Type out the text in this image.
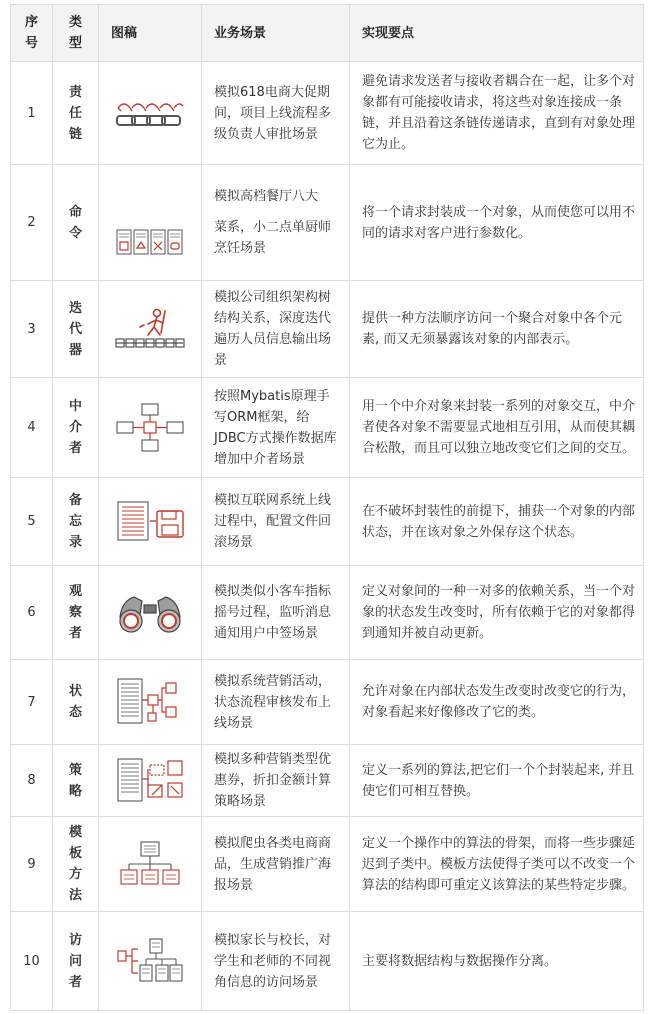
序号	类型	图稿	业务场景	实现要点
1	责任链		模拟618电商大促期间，项目上线流程多级负责人审批场景	避免请求发送者与接收者耦合在一起，让多个对象都有可能接收请求，将这些对象连接成一条链，并且沿着这条链传递请求，直到有对象处理它为止。
2	命令		模拟高档餐厅八大
菜系，小二点单厨师烹饪场景	将一个请求封装成一个对象，从而使您可以用不同的请求对客户进行参数化。
3	迭代器		模拟公司组织架构树结构关系，深度迭代遍历人员信息输出场景	提供一种方法顺序访问一个聚合对象中各个元素, 而又无须暴露该对象的内部表示。
4	中介者		按照Mybatis原理手写ORM框架，给JDBC方式操作数据库增加中介者场景	用一个中介对象来封装一系列的对象交互，中介者使各对象不需要显式地相互引用，从而使其耦合松散，而且可以独立地改变它们之间的交互。
5	备忘录		模拟互联网系统上线过程中，配置文件回滚场景	在不破坏封装性的前提下，捕获一个对象的内部状态，并在该对象之外保存这个状态。
6	观察者		模拟类似小客车指标摇号过程，监听消息通知用户中签场景	定义对象间的一种一对多的依赖关系，当一个对象的状态发生改变时，所有依赖于它的对象都得到通知并被自动更新。
7	状态		模拟系统营销活动，状态流程审核发布上线场景	允许对象在内部状态发生改变时改变它的行为，对象看起来好像修改了它的类。
8	策略		模拟多种营销类型优惠券，折扣金额计算策略场景	定义一系列的算法,把它们一个个封装起来, 并且使它们可相互替换。
9	模板方法		模拟爬虫各类电商商品，生成营销推广海报场景	定义一个操作中的算法的骨架，而将一些步骤延迟到子类中。模板方法使得子类可以不改变一个算法的结构即可重定义该算法的某些特定步骤。
10	访问者		模拟家长与校长，对学生和老师的不同视角信息的访问场景	主要将数据结构与数据操作分离。
